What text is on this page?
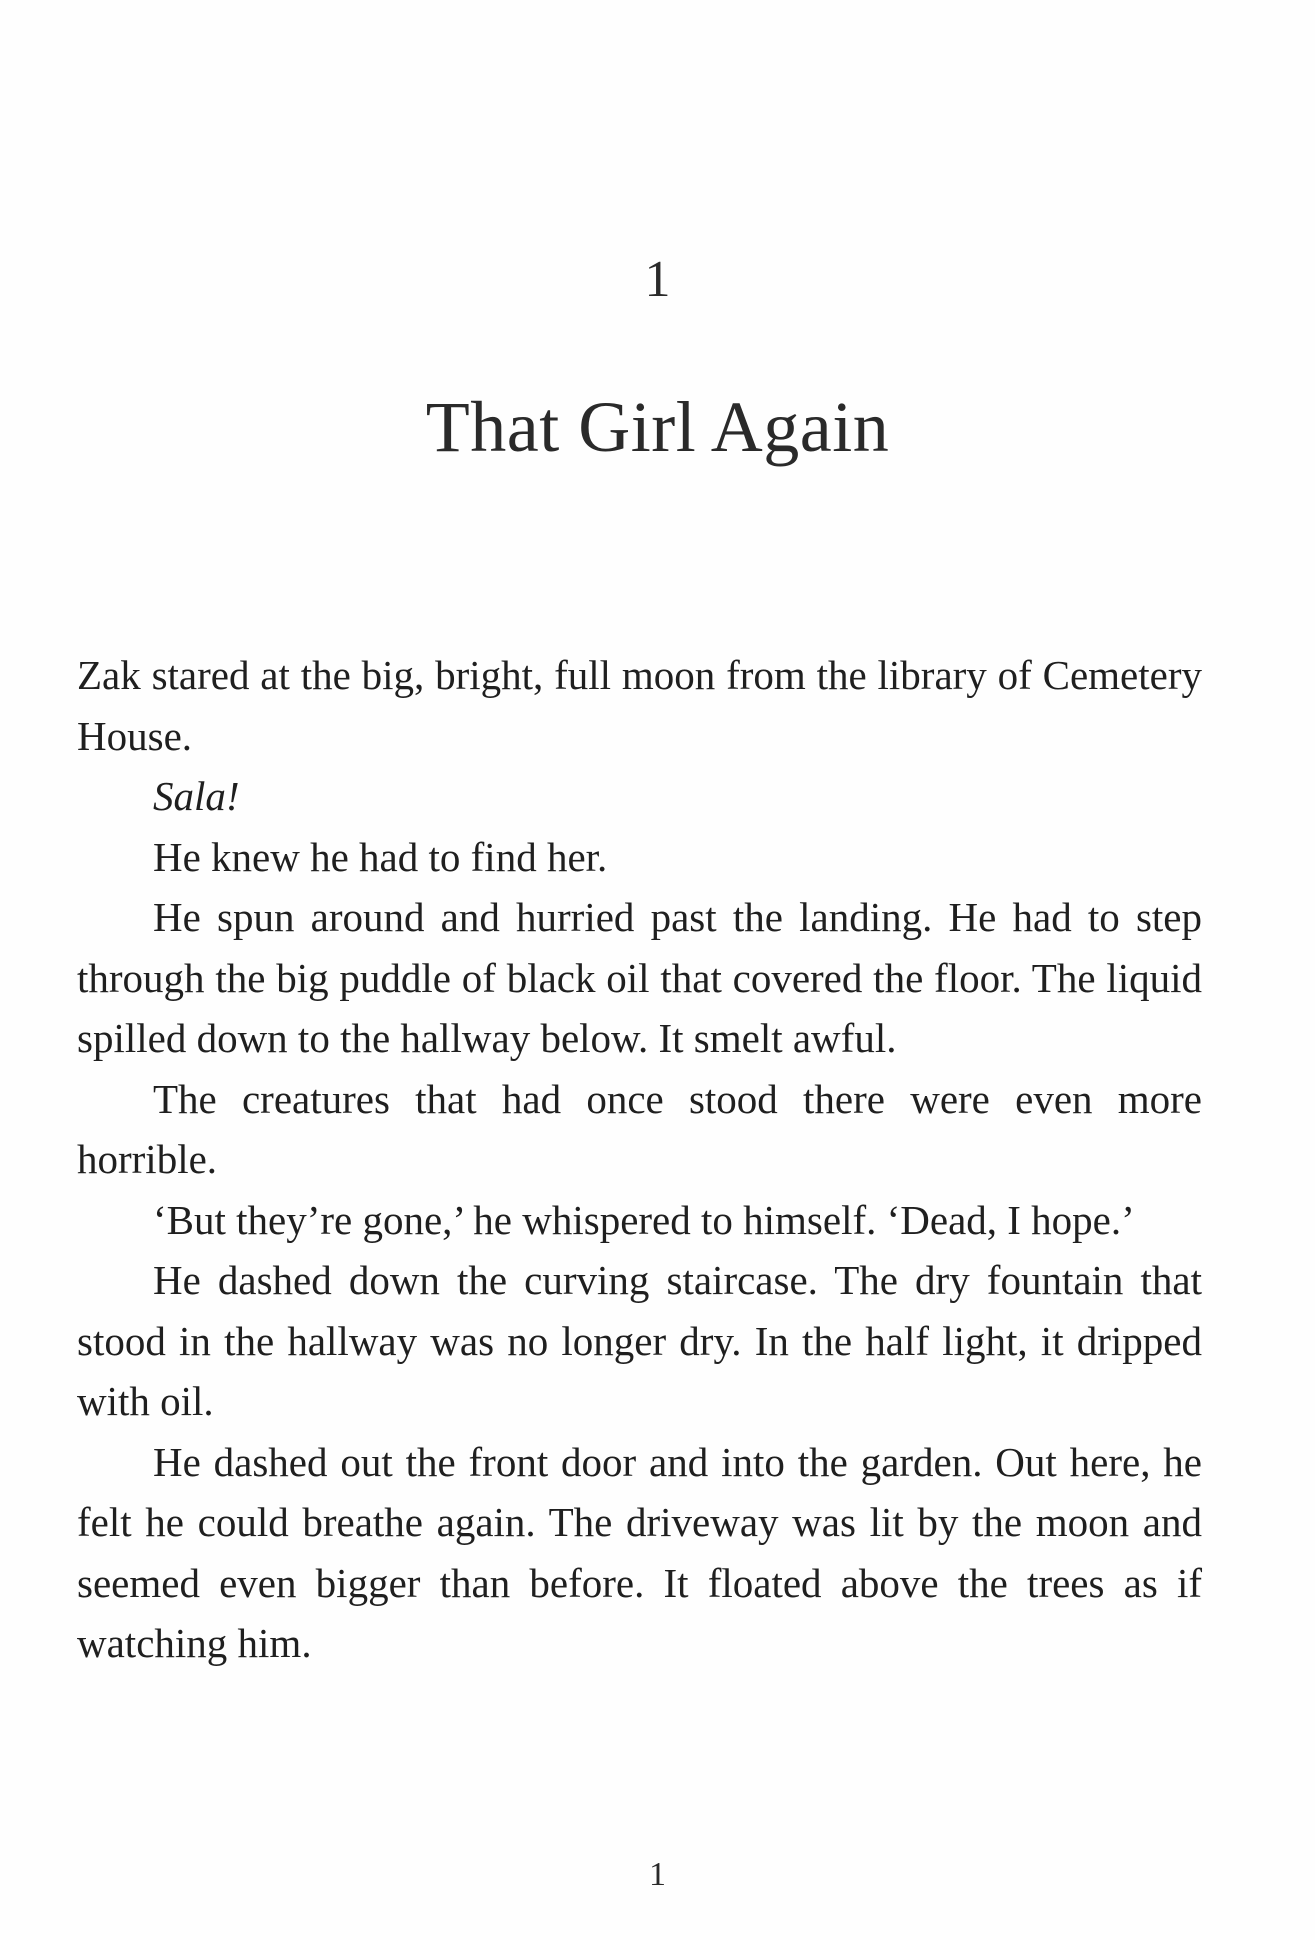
1
That Girl Again

Zak stared at the big, bright, full moon from the library of Cemetery House.

Sala!

He knew he had to find her.

He spun around and hurried past the landing. He had to step through the big puddle of black oil that covered the floor. The liquid spilled down to the hallway below. It smelt awful.

The creatures that had once stood there were even more horrible.

‘But they’re gone,’ he whispered to himself. ‘Dead, I hope.’

He dashed down the curving staircase. The dry fountain that stood in the hallway was no longer dry. In the half light, it dripped with oil.

He dashed out the front door and into the garden. Out here, he felt he could breathe again. The driveway was lit by the moon and seemed even bigger than before. It floated above the trees as if watching him.

1
